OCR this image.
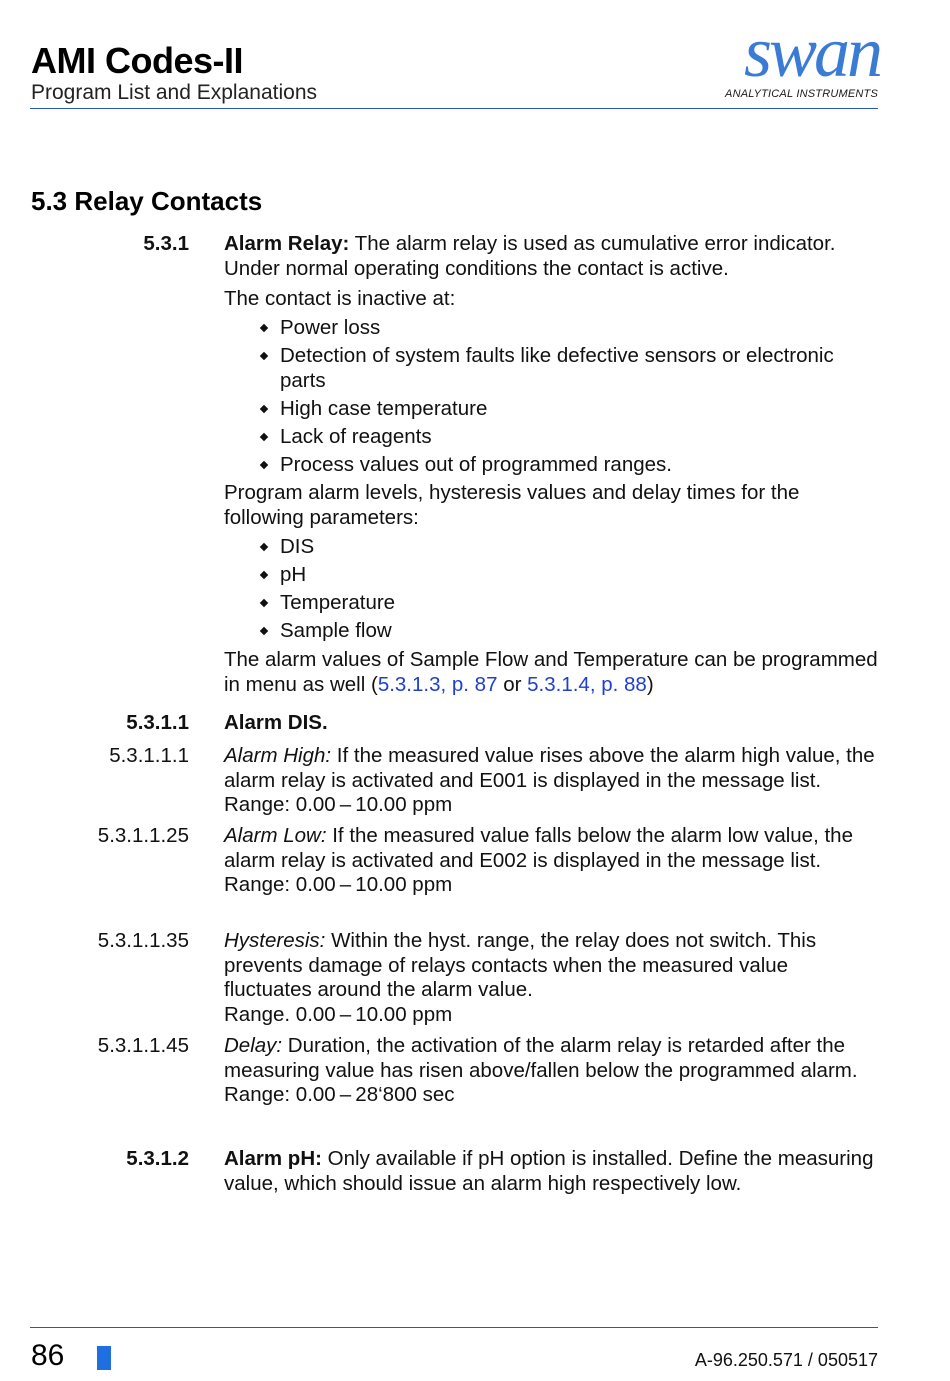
AMI Codes-II
Program List and Explanations
swan
ANALYTICAL INSTRUMENTS
5.3 Relay Contacts
5.3.1 Alarm Relay: The alarm relay is used as cumulative error indicator. Under normal operating conditions the contact is active.
The contact is inactive at:
Power loss
Detection of system faults like defective sensors or electronic parts
High case temperature
Lack of reagents
Process values out of programmed ranges.
Program alarm levels, hysteresis values and delay times for the following parameters:
DIS
pH
Temperature
Sample flow
The alarm values of Sample Flow and Temperature can be programmed in menu as well (5.3.1.3, p. 87 or 5.3.1.4, p. 88)
5.3.1.1 Alarm DIS.
5.3.1.1.1 Alarm High: If the measured value rises above the alarm high value, the alarm relay is activated and E001 is displayed in the message list. Range: 0.00 – 10.00 ppm
5.3.1.1.25 Alarm Low: If the measured value falls below the alarm low value, the alarm relay is activated and E002 is displayed in the message list.
Range: 0.00 – 10.00 ppm
5.3.1.1.35 Hysteresis: Within the hyst. range, the relay does not switch. This prevents damage of relays contacts when the measured value fluctuates around the alarm value.
Range. 0.00 – 10.00 ppm
5.3.1.1.45 Delay: Duration, the activation of the alarm relay is retarded after the measuring value has risen above/fallen below the programmed alarm.
Range: 0.00 – 28‘800 sec
5.3.1.2 Alarm pH: Only available if pH option is installed. Define the measuring value, which should issue an alarm high respectively low.
86	A-96.250.571 / 050517
